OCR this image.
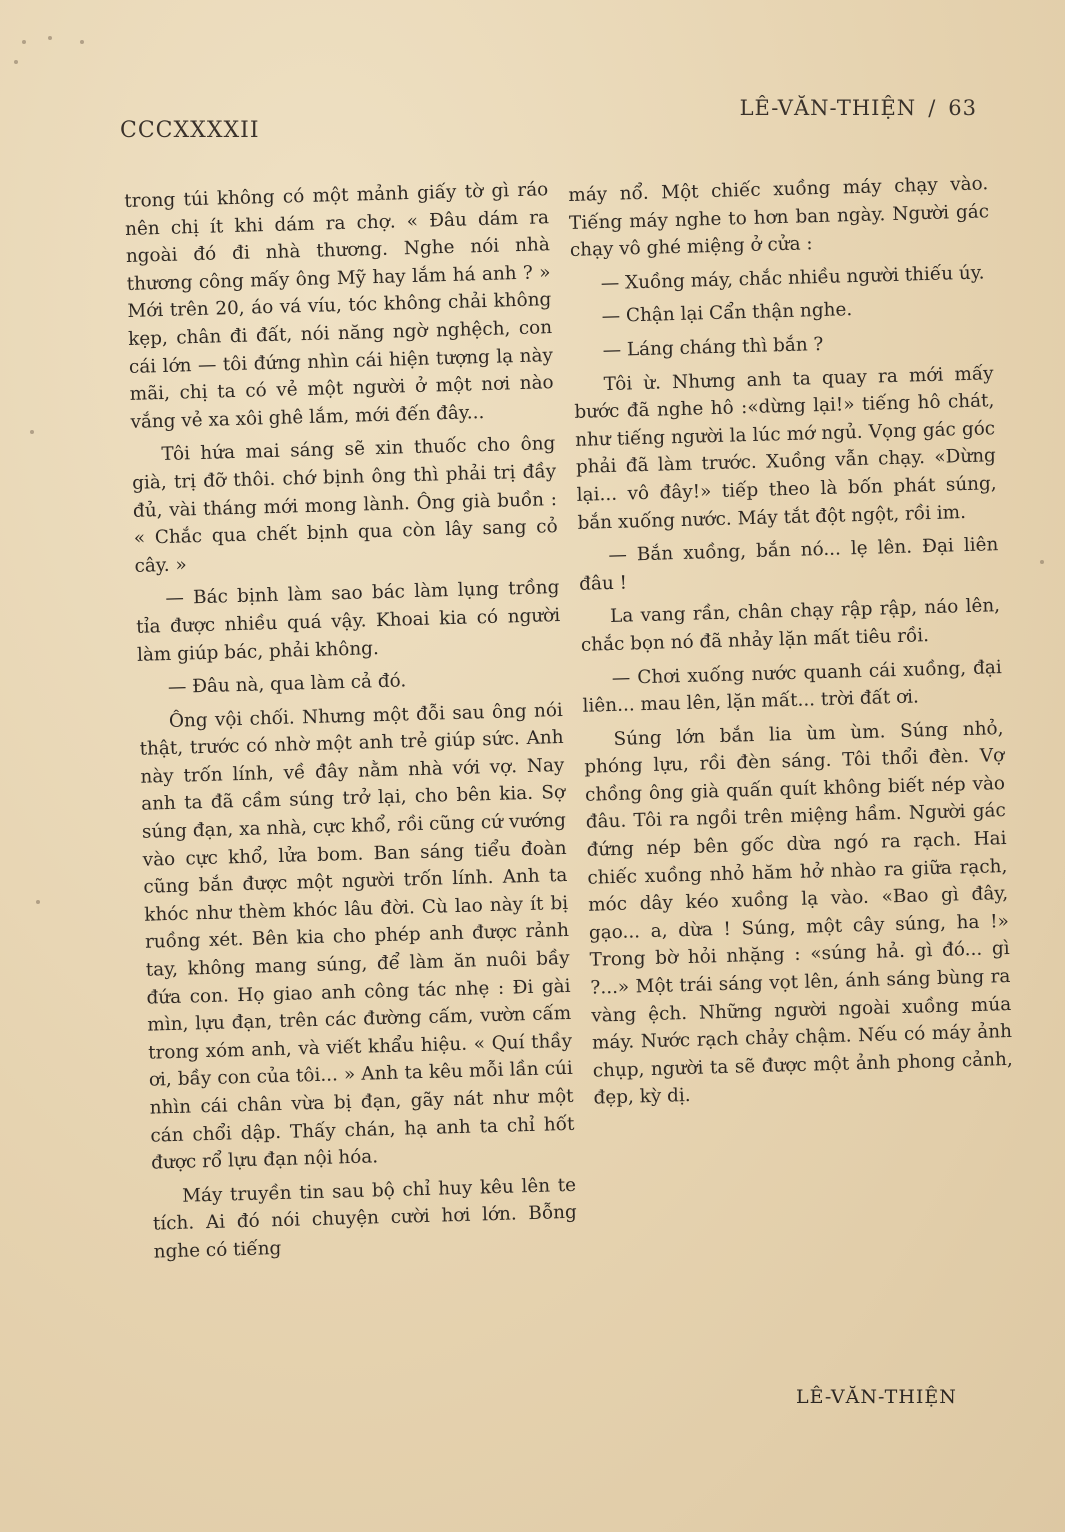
CCCXXXXII
LÊ-VĂN-THIỆN / 63

trong túi không có một mảnh giấy tờ gì ráo nên chị ít khi dám ra chợ. « Đâu dám ra ngoài đó đi nhà thương. Nghe nói nhà thương công mấy ông Mỹ hay lắm há anh ? » Mới trên 20, áo vá víu, tóc không chải không kẹp, chân đi đất, nói năng ngờ nghệch, con cái lớn — tôi đứng nhìn cái hiện tượng lạ này mãi, chị ta có vẻ một người ở một nơi nào vắng vẻ xa xôi ghê lắm, mới đến đây...

Tôi hứa mai sáng sẽ xin thuốc cho ông già, trị đỡ thôi. chớ bịnh ông thì phải trị đầy đủ, vài tháng mới mong lành. Ông già buồn : « Chắc qua chết bịnh qua còn lây sang cỏ cây. »

— Bác bịnh làm sao bác làm lụng trồng tỉa được nhiều quá vậy. Khoai kia có người làm giúp bác, phải không.

— Đâu nà, qua làm cả đó.

Ông vội chối. Nhưng một đỗi sau ông nói thật, trước có nhờ một anh trẻ giúp sức. Anh này trốn lính, về đây nằm nhà với vợ. Nay anh ta đã cầm súng trở lại, cho bên kia. Sợ súng đạn, xa nhà, cực khổ, rồi cũng cứ vướng vào cực khổ, lửa bom. Ban sáng tiểu đoàn cũng bắn được một người trốn lính. Anh ta khóc như thèm khóc lâu đời. Cù lao này ít bị ruồng xét. Bên kia cho phép anh được rảnh tay, không mang súng, để làm ăn nuôi bầy đứa con. Họ giao anh công tác nhẹ : Đi gài mìn, lựu đạn, trên các đường cấm, vườn cấm trong xóm anh, và viết khẩu hiệu. « Quí thầy ơi, bầy con của tôi... » Anh ta kêu mỗi lần cúi nhìn cái chân vừa bị đạn, gãy nát như một cán chổi dập. Thấy chán, hạ anh ta chỉ hốt được rổ lựu đạn nội hóa.

Máy truyền tin sau bộ chỉ huy kêu lên te tích. Ai đó nói chuyện cười hơi lớn. Bỗng nghe có tiếng

máy nổ. Một chiếc xuồng máy chạy vào. Tiếng máy nghe to hơn ban ngày. Người gác chạy vô ghé miệng ở cửa :

— Xuồng máy, chắc nhiều người thiếu úy.

— Chận lại Cẩn thận nghe.

— Láng cháng thì bắn ?

Tôi ừ. Nhưng anh ta quay ra mới mấy bước đã nghe hô :«dừng lại!» tiếng hô chát, như tiếng người la lúc mớ ngủ. Vọng gác góc phải đã làm trước. Xuồng vẫn chạy. «Dừng lại... vô đây!» tiếp theo là bốn phát súng, bắn xuống nước. Máy tắt đột ngột, rồi im.

— Bắn xuồng, bắn nó... lẹ lên. Đại liên đâu !

La vang rần, chân chạy rập rập, náo lên, chắc bọn nó đã nhảy lặn mất tiêu rồi.

— Chơi xuống nước quanh cái xuồng, đại liên... mau lên, lặn mất... trời đất ơi.

Súng lớn bắn lia ùm ùm. Súng nhỏ, phóng lựu, rồi đèn sáng. Tôi thổi đèn. Vợ chồng ông già quấn quít không biết nép vào đâu. Tôi ra ngồi trên miệng hầm. Người gác đứng nép bên gốc dừa ngó ra rạch. Hai chiếc xuồng nhỏ hăm hở nhào ra giữa rạch, móc dây kéo xuồng lạ vào. «Bao gì đây, gạo... a, dừa ! Súng, một cây súng, ha !» Trong bờ hỏi nhặng : «súng hả. gì đó... gì ?...» Một trái sáng vọt lên, ánh sáng bùng ra vàng ệch. Những người ngoài xuồng múa máy. Nước rạch chảy chậm. Nếu có máy ảnh chụp, người ta sẽ được một ảnh phong cảnh, đẹp, kỳ dị.

LÊ-VĂN-THIỆN
